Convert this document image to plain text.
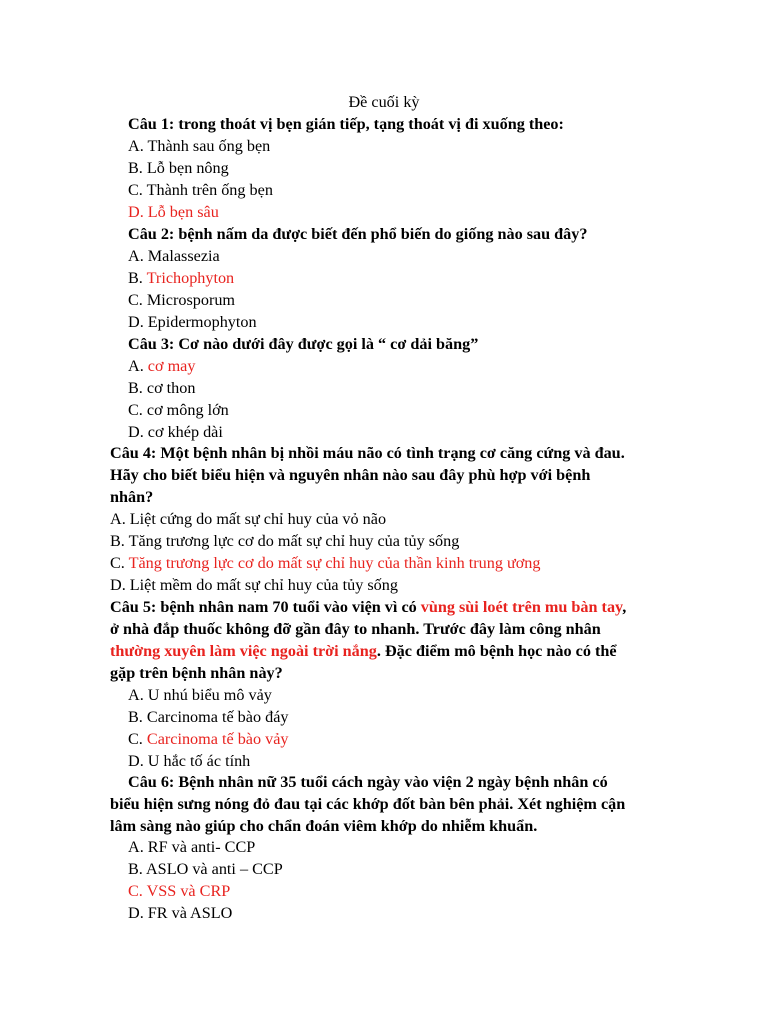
Đề cuối kỳ
Câu 1: trong thoát vị bẹn gián tiếp, tạng thoát vị đi xuống theo:
A. Thành sau ống bẹn
B. Lỗ bẹn nông
C. Thành trên ống bẹn
D. Lỗ bẹn sâu
Câu 2: bệnh nấm da được biết đến phổ biến do giống nào sau đây?
A. Malassezia
B. Trichophyton
C. Microsporum
D. Epidermophyton
Câu 3: Cơ nào dưới đây được gọi là “ cơ dải băng”
A. cơ may
B. cơ thon
C. cơ mông lớn
D. cơ khép dài
Câu 4: Một bệnh nhân bị nhồi máu não có tình trạng cơ căng cứng và đau.
Hãy cho biết biểu hiện và nguyên nhân nào sau đây phù hợp với bệnh
nhân?
A. Liệt cứng do mất sự chỉ huy của vỏ não
B. Tăng trương lực cơ do mất sự chỉ huy của tủy sống
C. Tăng trương lực cơ do mất sự chỉ huy của thần kinh trung ương
D. Liệt mềm do mất sự chỉ huy của tủy sống
Câu 5: bệnh nhân nam 70 tuổi vào viện vì có vùng sùi loét trên mu bàn tay,
ở nhà đắp thuốc không đỡ gần đây to nhanh. Trước đây làm công nhân
thường xuyên làm việc ngoài trời nắng. Đặc điểm mô bệnh học nào có thể
gặp trên bệnh nhân này?
A. U nhú biểu mô vảy
B. Carcinoma tế bào đáy
C. Carcinoma tế bào vảy
D. U hắc tố ác tính
Câu 6: Bệnh nhân nữ 35 tuổi cách ngày vào viện 2 ngày bệnh nhân có
biểu hiện sưng nóng đỏ đau tại các khớp đốt bàn bên phải. Xét nghiệm cận
lâm sàng nào giúp cho chẩn đoán viêm khớp do nhiễm khuẩn.
A. RF và anti- CCP
B. ASLO và anti – CCP
C. VSS và CRP
D. FR và ASLO
